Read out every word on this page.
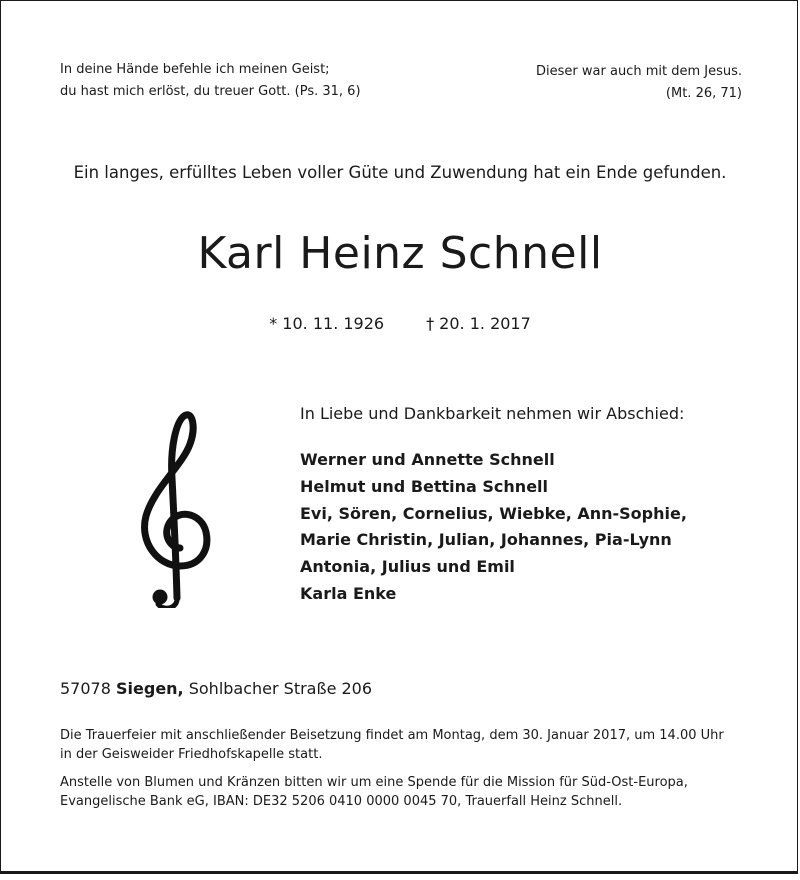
In deine Hände befehle ich meinen Geist;
du hast mich erlöst, du treuer Gott. (Ps. 31, 6)
Dieser war auch mit dem Jesus.
(Mt. 26, 71)
Ein langes, erfülltes Leben voller Güte und Zuwendung hat ein Ende gefunden.
Karl Heinz Schnell
* 10. 11. 1926	† 20. 1. 2017
In Liebe und Dankbarkeit nehmen wir Abschied:
Werner und Annette Schnell
Helmut und Bettina Schnell
Evi, Sören, Cornelius, Wiebke, Ann-Sophie,
Marie Christin, Julian, Johannes, Pia-Lynn
Antonia, Julius und Emil
Karla Enke
57078 Siegen, Sohlbacher Straße 206
Die Trauerfeier mit anschließender Beisetzung findet am Montag, dem 30. Januar 2017, um 14.00 Uhr
in der Geisweider Friedhofskapelle statt.
Anstelle von Blumen und Kränzen bitten wir um eine Spende für die Mission für Süd-Ost-Europa,
Evangelische Bank eG, IBAN: DE32 5206 0410 0000 0045 70, Trauerfall Heinz Schnell.
